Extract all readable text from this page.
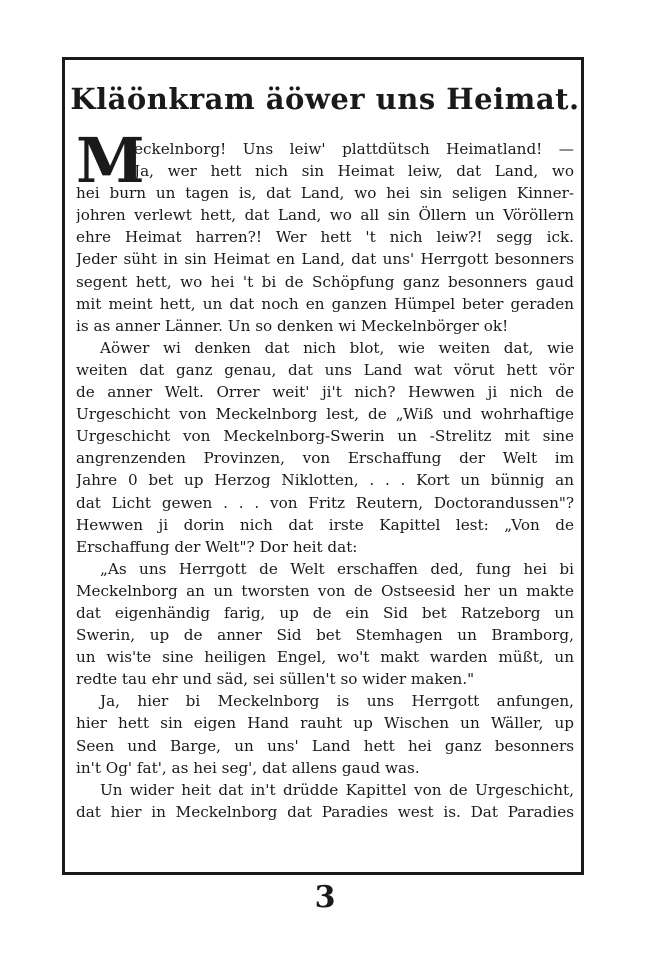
Kläönkram äöwer uns Heimat.
M
eckelnborg! Uns leiw' plattdütsch Heimatland! —
Ja, wer hett nich sin Heimat leiw, dat Land, wo
hei burn un tagen is, dat Land, wo hei sin seligen Kinner-
johren verlewt hett, dat Land, wo all sin Öllern un Vöröllern
ehre Heimat harren?! Wer hett 't nich leiw?! segg ick.
Jeder süht in sin Heimat en Land, dat uns' Herrgott besonners
segent hett, wo hei 't bi de Schöpfung ganz besonners gaud
mit meint hett, un dat noch en ganzen Hümpel beter geraden
is as anner Länner. Un so denken wi Meckelnbörger ok!
Aöwer wi denken dat nich blot, wie weiten dat, wie
weiten dat ganz genau, dat uns Land wat vörut hett vör
de anner Welt. Orrer weit' ji't nich? Hewwen ji nich de
Urgeschicht von Meckelnborg lest, de „Wiß und wohrhaftige
Urgeschicht von Meckelnborg-Swerin un -Strelitz mit sine
angrenzenden Provinzen, von Erschaffung der Welt im
Jahre 0 bet up Herzog Niklotten, . . . Kort un bünnig an
dat Licht gewen . . . von Fritz Reutern, Doctorandussen"?
Hewwen ji dorin nich dat irste Kapittel lest: „Von de
Erschaffung der Welt"? Dor heit dat:
„As uns Herrgott de Welt erschaffen ded, fung hei bi
Meckelnborg an un tworsten von de Ostseesid her un makte
dat eigenhändig farig, up de ein Sid bet Ratzeborg un
Swerin, up de anner Sid bet Stemhagen un Bramborg,
un wis'te sine heiligen Engel, wo't makt warden müßt, un
redte tau ehr und säd, sei süllen't so wider maken."
Ja, hier bi Meckelnborg is uns Herrgott anfungen,
hier hett sin eigen Hand rauht up Wischen un Wäller, up
Seen und Barge, un uns' Land hett hei ganz besonners
in't Og' fat', as hei seg', dat allens gaud was.
Un wider heit dat in't drüdde Kapittel von de Urgeschicht,
dat hier in Meckelnborg dat Paradies west is. Dat Paradies
3
